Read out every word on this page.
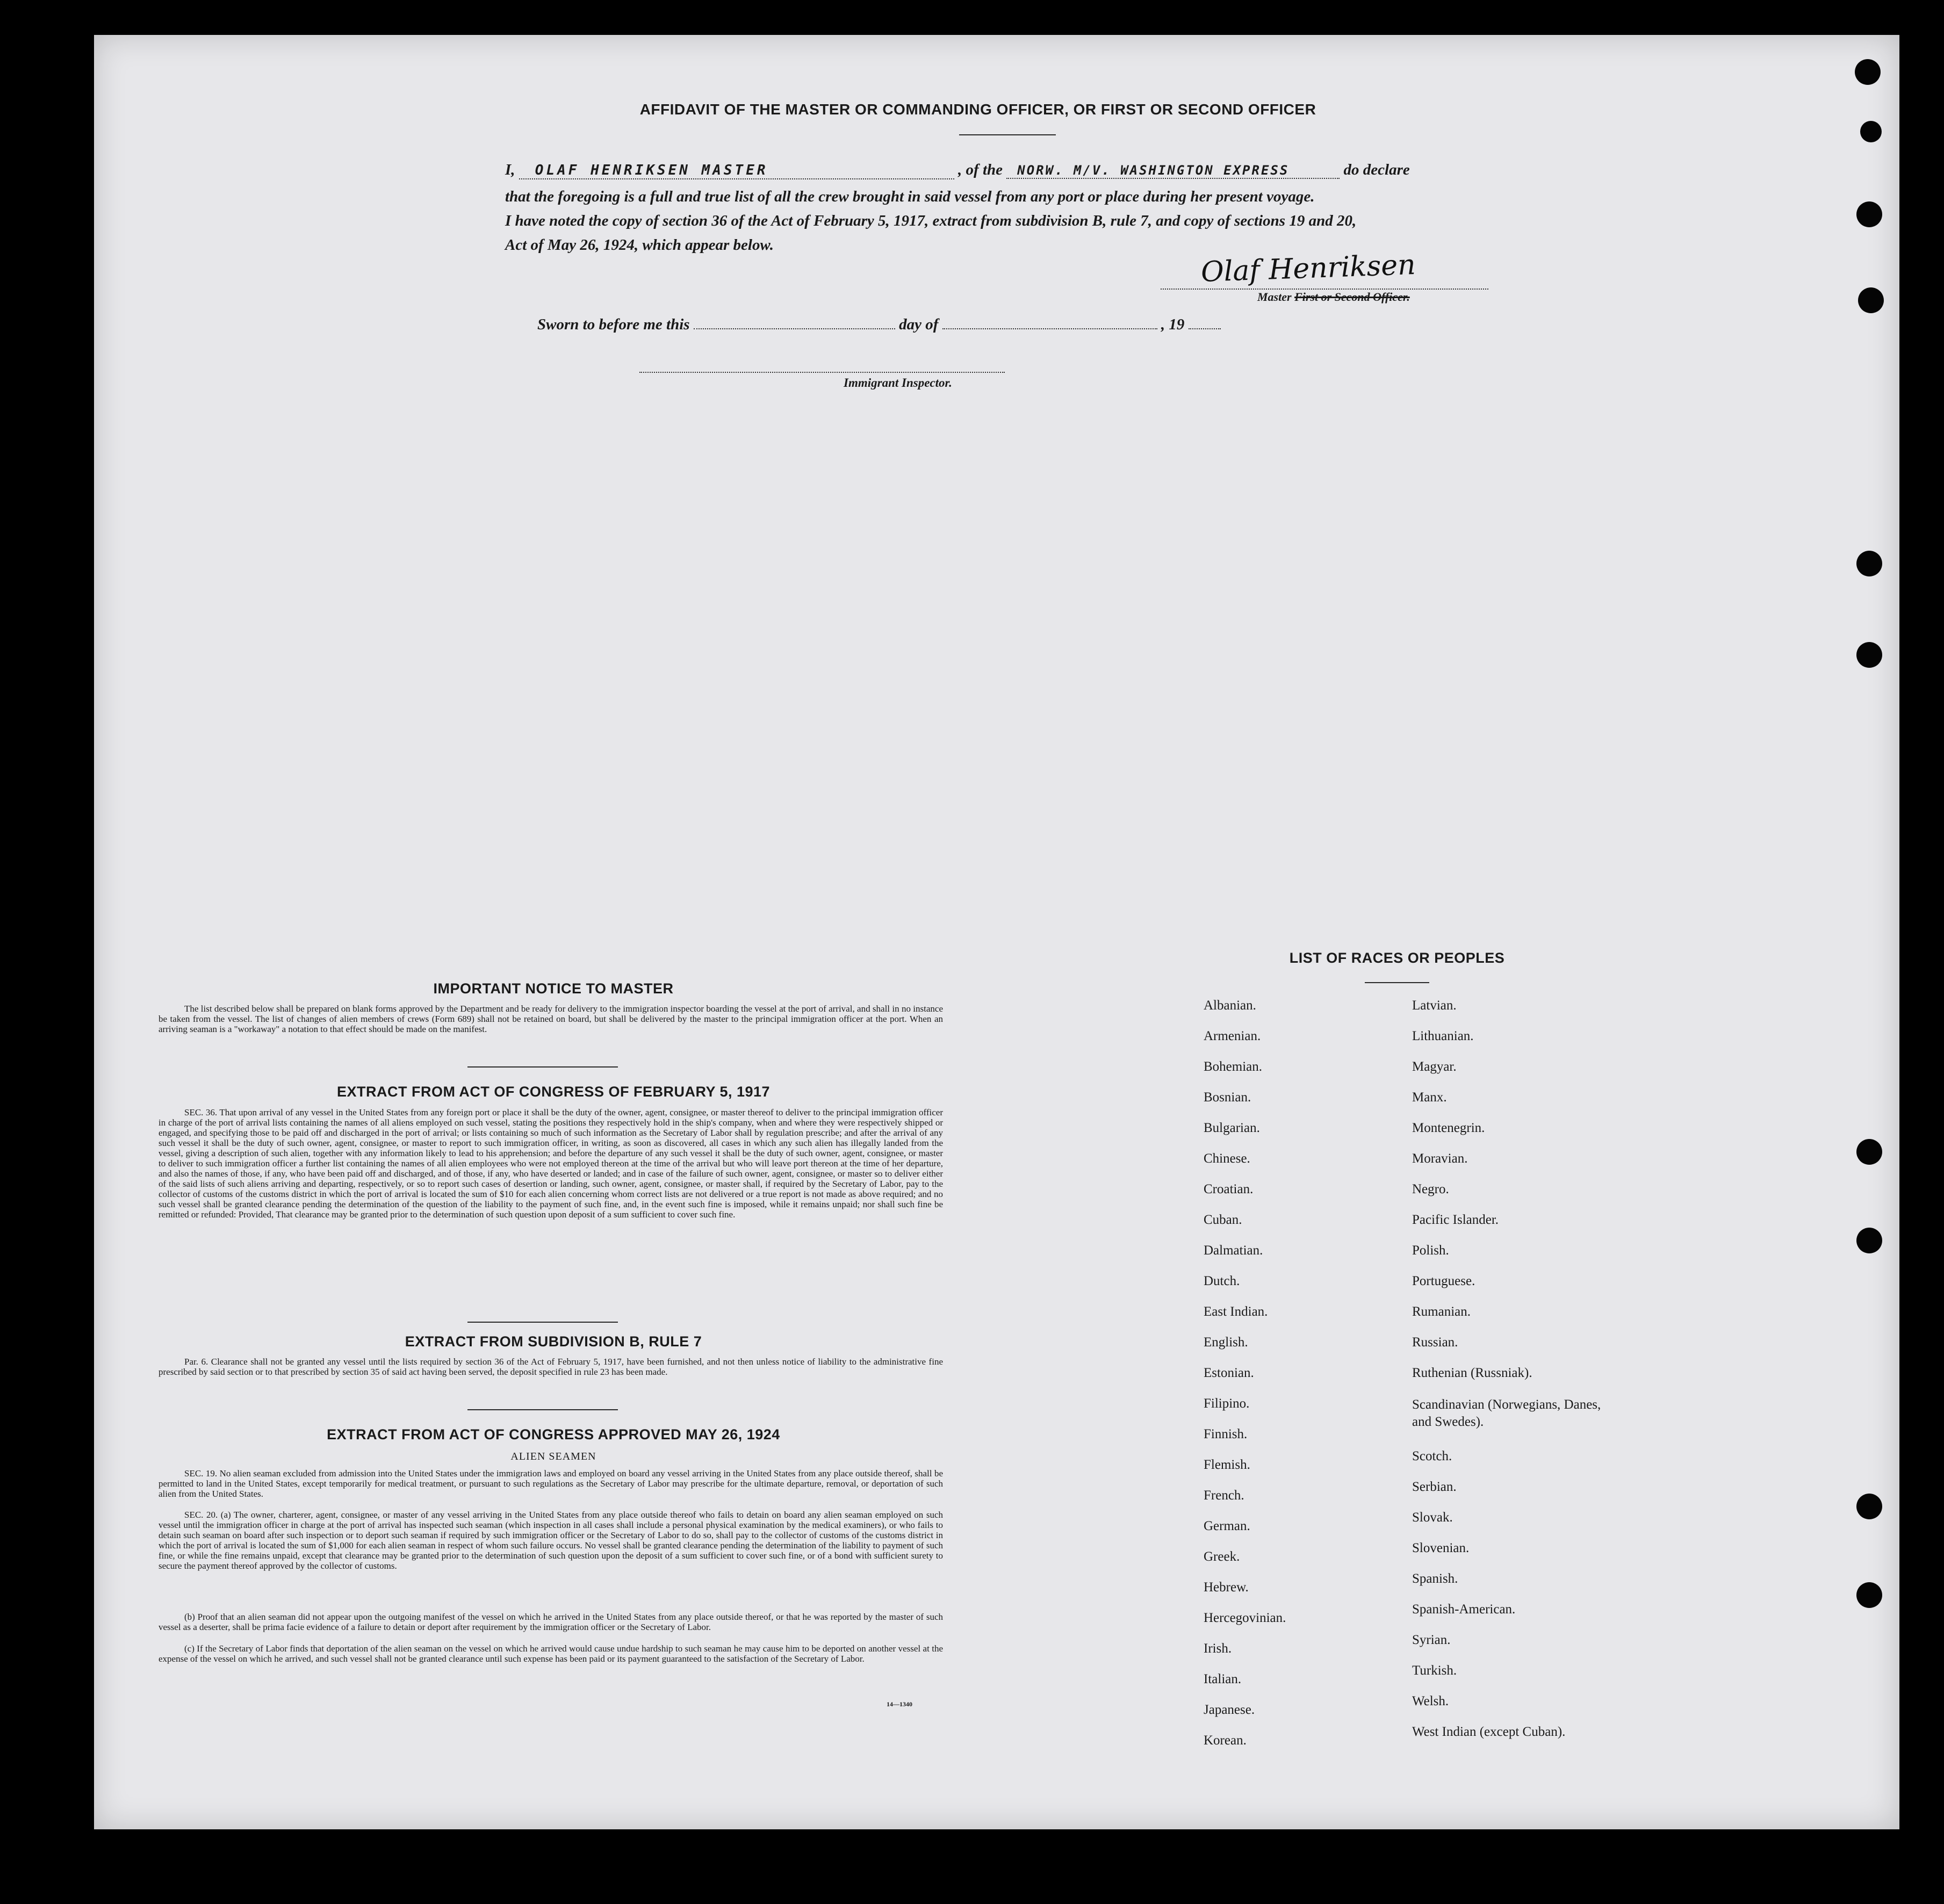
AFFIDAVIT OF THE MASTER OR COMMANDING OFFICER, OR FIRST OR SECOND OFFICER
I, OLAF HENRIKSEN MASTER	, of the NORW. M/V. WASHINGTON EXPRESS	do declare
that the foregoing is a full and true list of all the crew brought in said vessel from any port or place during her present voyage.
I have noted the copy of section 36 of the Act of February 5, 1917, extract from subdivision B, rule 7, and copy of sections 19 and 20,
Act of May 26, 1924, which appear below.
Olaf Henriksen
Master First or Second Officer.
Sworn to before me this	day of	, 19
Immigrant Inspector.
IMPORTANT NOTICE TO MASTER
The list described below shall be prepared on blank forms approved by the Department and be ready for delivery to the immigration inspector boarding the vessel at the port of arrival, and shall in no instance be taken from the vessel. The list of changes of alien members of crews (Form 689) shall not be retained on board, but shall be delivered by the master to the principal immigration officer at the port. When an arriving seaman is a "workaway" a notation to that effect should be made on the manifest.
EXTRACT FROM ACT OF CONGRESS OF FEBRUARY 5, 1917
SEC. 36. That upon arrival of any vessel in the United States from any foreign port or place it shall be the duty of the owner, agent, consignee, or master thereof to deliver to the principal immigration officer in charge of the port of arrival lists containing the names of all aliens employed on such vessel, stating the positions they respectively hold in the ship's company, when and where they were respectively shipped or engaged, and specifying those to be paid off and discharged in the port of arrival; or lists containing so much of such information as the Secretary of Labor shall by regulation prescribe; and after the arrival of any such vessel it shall be the duty of such owner, agent, consignee, or master to report to such immigration officer, in writing, as soon as discovered, all cases in which any such alien has illegally landed from the vessel, giving a description of such alien, together with any information likely to lead to his apprehension; and before the departure of any such vessel it shall be the duty of such owner, agent, consignee, or master to deliver to such immigration officer a further list containing the names of all alien employees who were not employed thereon at the time of the arrival but who will leave port thereon at the time of her departure, and also the names of those, if any, who have been paid off and discharged, and of those, if any, who have deserted or landed; and in case of the failure of such owner, agent, consignee, or master so to deliver either of the said lists of such aliens arriving and departing, respectively, or so to report such cases of desertion or landing, such owner, agent, consignee, or master shall, if required by the Secretary of Labor, pay to the collector of customs of the customs district in which the port of arrival is located the sum of $10 for each alien concerning whom correct lists are not delivered or a true report is not made as above required; and no such vessel shall be granted clearance pending the determination of the question of the liability to the payment of such fine, and, in the event such fine is imposed, while it remains unpaid; nor shall such fine be remitted or refunded: Provided, That clearance may be granted prior to the determination of such question upon deposit of a sum sufficient to cover such fine.
EXTRACT FROM SUBDIVISION B, RULE 7
Par. 6. Clearance shall not be granted any vessel until the lists required by section 36 of the Act of February 5, 1917, have been furnished, and not then unless notice of liability to the administrative fine prescribed by said section or to that prescribed by section 35 of said act having been served, the deposit specified in rule 23 has been made.
EXTRACT FROM ACT OF CONGRESS APPROVED MAY 26, 1924
ALIEN SEAMEN
SEC. 19. No alien seaman excluded from admission into the United States under the immigration laws and employed on board any vessel arriving in the United States from any place outside thereof, shall be permitted to land in the United States, except temporarily for medical treatment, or pursuant to such regulations as the Secretary of Labor may prescribe for the ultimate departure, removal, or deportation of such alien from the United States.
SEC. 20. (a) The owner, charterer, agent, consignee, or master of any vessel arriving in the United States from any place outside thereof who fails to detain on board any alien seaman employed on such vessel until the immigration officer in charge at the port of arrival has inspected such seaman (which inspection in all cases shall include a personal physical examination by the medical examiners), or who fails to detain such seaman on board after such inspection or to deport such seaman if required by such immigration officer or the Secretary of Labor to do so, shall pay to the collector of customs of the customs district in which the port of arrival is located the sum of $1,000 for each alien seaman in respect of whom such failure occurs. No vessel shall be granted clearance pending the determination of the liability to payment of such fine, or while the fine remains unpaid, except that clearance may be granted prior to the determination of such question upon the deposit of a sum sufficient to cover such fine, or of a bond with sufficient surety to secure the payment thereof approved by the collector of customs.
(b) Proof that an alien seaman did not appear upon the outgoing manifest of the vessel on which he arrived in the United States from any place outside thereof, or that he was reported by the master of such vessel as a deserter, shall be prima facie evidence of a failure to detain or deport after requirement by the immigration officer or the Secretary of Labor.
(c) If the Secretary of Labor finds that deportation of the alien seaman on the vessel on which he arrived would cause undue hardship to such seaman he may cause him to be deported on another vessel at the expense of the vessel on which he arrived, and such vessel shall not be granted clearance until such expense has been paid or its payment guaranteed to the satisfaction of the Secretary of Labor.
14—1340
LIST OF RACES OR PEOPLES
Albanian.
Armenian.
Bohemian.
Bosnian.
Bulgarian.
Chinese.
Croatian.
Cuban.
Dalmatian.
Dutch.
East Indian.
English.
Estonian.
Filipino.
Finnish.
Flemish.
French.
German.
Greek.
Hebrew.
Hercegovinian.
Irish.
Italian.
Japanese.
Korean.
Latvian.
Lithuanian.
Magyar.
Manx.
Montenegrin.
Moravian.
Negro.
Pacific Islander.
Polish.
Portuguese.
Rumanian.
Russian.
Ruthenian (Russniak).
Scandinavian (Norwegians, Danes, and Swedes).
Scotch.
Serbian.
Slovak.
Slovenian.
Spanish.
Spanish-American.
Syrian.
Turkish.
Welsh.
West Indian (except Cuban).
